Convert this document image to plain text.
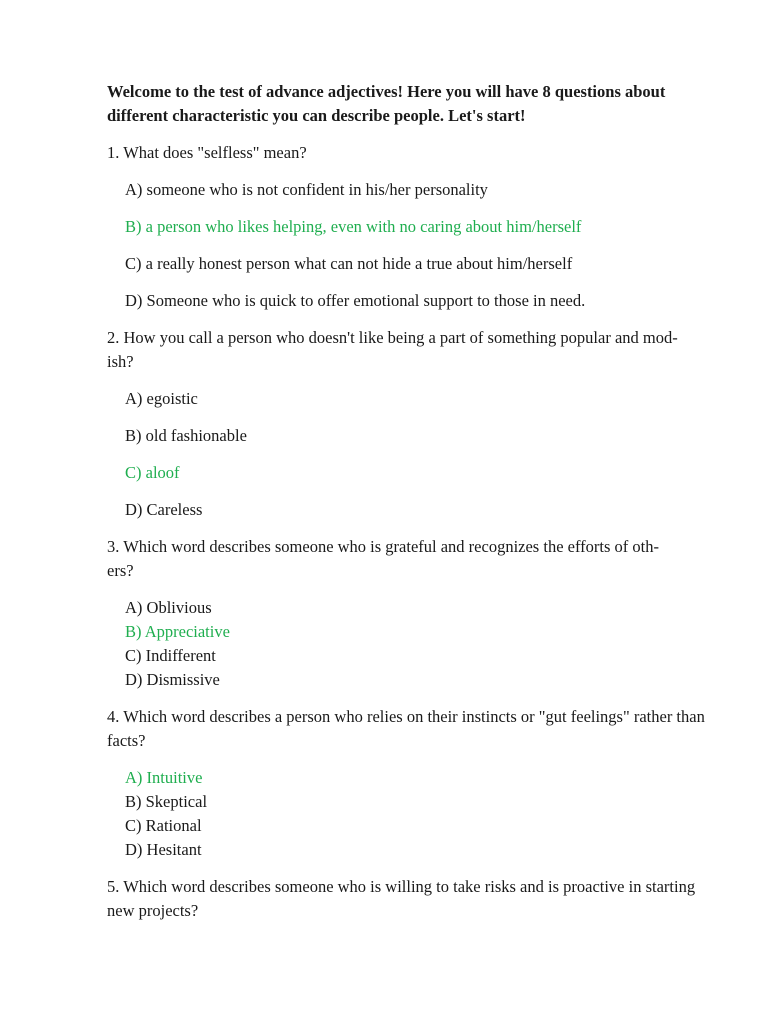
Welcome to the test of advance adjectives! Here you will have 8 questions about different characteristic you can describe people. Let's start!

1. What does "selfless" mean?

A) someone who is not confident in his/her personality
B) a person who likes helping, even with no caring about him/herself
C) a really honest person what can not hide a true about him/herself
D) Someone who is quick to offer emotional support to those in need.

2. How you call a person who doesn't like being a part of something popular and mod-
ish?

A) egoistic
B) old fashionable
C) aloof
D) Careless

3. Which word describes someone who is grateful and recognizes the efforts of oth-
ers?

A) Oblivious
B) Appreciative
C) Indifferent
D) Dismissive

4. Which word describes a person who relies on their instincts or "gut feelings" rather than facts?

A) Intuitive
B) Skeptical
C) Rational
D) Hesitant

5. Which word describes someone who is willing to take risks and is proactive in starting new projects?
